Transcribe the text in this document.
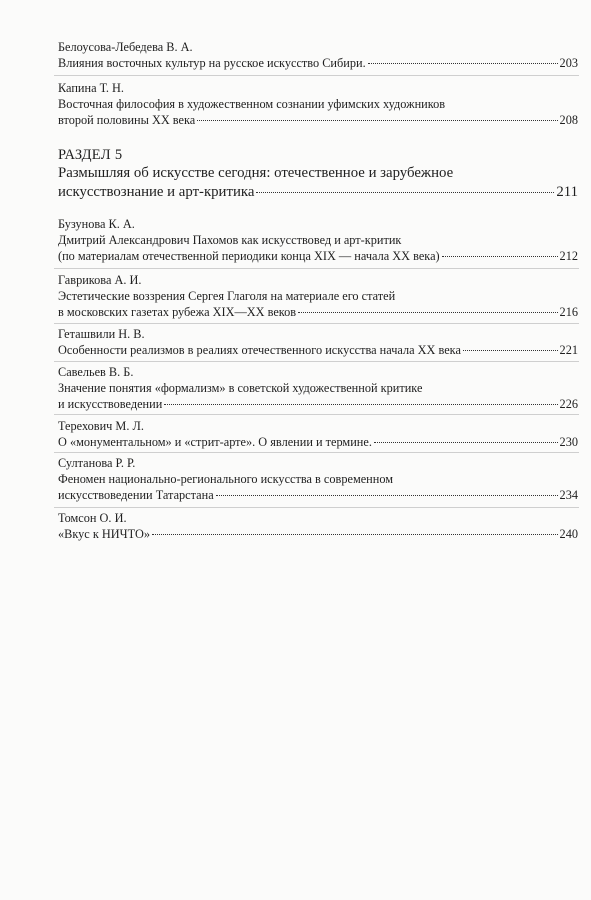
Белоусова-Лебедева В. А.
Влияния восточных культур на русское искусство Сибири.	203
Капина Т. Н.
Восточная философия в художественном сознании уфимских художников
второй половины XX века	208
РАЗДЕЛ 5
Размышляя об искусстве сегодня: отечественное и зарубежное
искусствознание и арт-критика	211
Бузунова К. А.
Дмитрий Александрович Пахомов как искусствовед и арт-критик
(по материалам отечественной периодики конца XIX — начала XX века)	212
Гаврикова А. И.
Эстетические воззрения Сергея Глаголя на материале его статей
в московских газетах рубежа XIX—XX веков	216
Геташвили Н. В.
Особенности реализмов в реалиях отечественного искусства начала XX века	221
Савельев В. Б.
Значение понятия «формализм» в советской художественной критике
и искусствоведении	226
Терехович М. Л.
О «монументальном» и «стрит-арте». О явлении и термине.	230
Султанова Р. Р.
Феномен национально-регионального искусства в современном
искусствоведении Татарстана	234
Томсон О. И.
«Вкус к НИЧТО»	240
